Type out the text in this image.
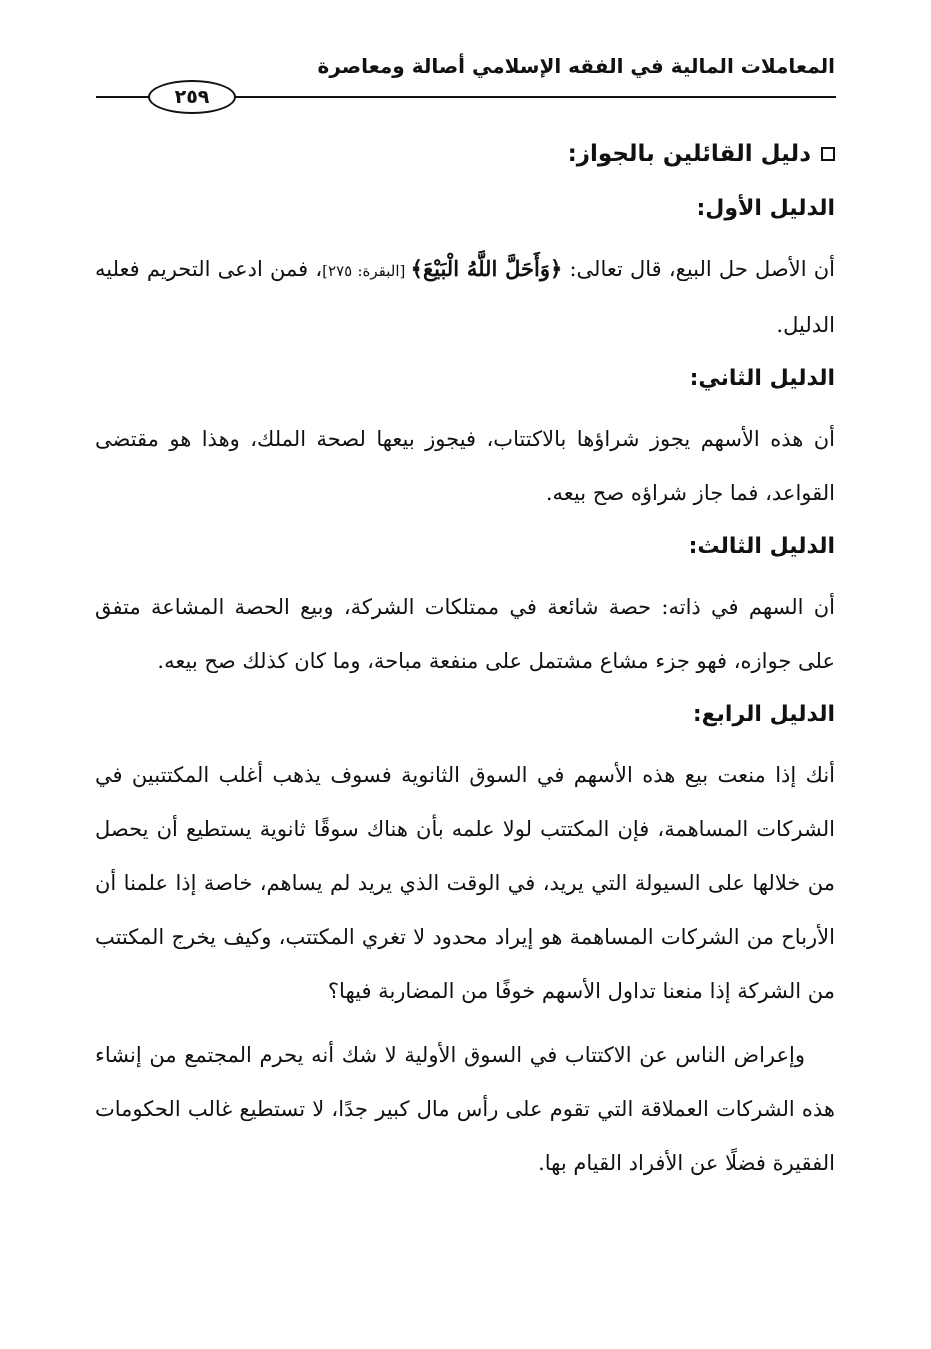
المعاملات المالية في الفقه الإسلامي أصالة ومعاصرة
٢٥٩
دليل القائلين بالجواز:
الدليل الأول:

أن الأصل حل البيع، قال تعالى: ﴿وَأَحَلَّ اللَّهُ الْبَيْعَ﴾ [البقرة: ٢٧٥]، فمن ادعى التحريم فعليه الدليل.

الدليل الثاني:

أن هذه الأسهم يجوز شراؤها بالاكتتاب، فيجوز بيعها لصحة الملك، وهذا هو مقتضى القواعد، فما جاز شراؤه صح بيعه.

الدليل الثالث:

أن السهم في ذاته: حصة شائعة في ممتلكات الشركة، وبيع الحصة المشاعة متفق على جوازه، فهو جزء مشاع مشتمل على منفعة مباحة، وما كان كذلك صح بيعه.

الدليل الرابع:

أنك إذا منعت بيع هذه الأسهم في السوق الثانوية فسوف يذهب أغلب المكتتبين في الشركات المساهمة، فإن المكتتب لولا علمه بأن هناك سوقًا ثانوية يستطيع أن يحصل من خلالها على السيولة التي يريد، في الوقت الذي يريد لم يساهم، خاصة إذا علمنا أن الأرباح من الشركات المساهمة هو إيراد محدود لا تغري المكتتب، وكيف يخرج المكتتب من الشركة إذا منعنا تداول الأسهم خوفًا من المضاربة فيها؟

وإعراض الناس عن الاكتتاب في السوق الأولية لا شك أنه يحرم المجتمع من إنشاء هذه الشركات العملاقة التي تقوم على رأس مال كبير جدًا، لا تستطيع غالب الحكومات الفقيرة فضلًا عن الأفراد القيام بها.
